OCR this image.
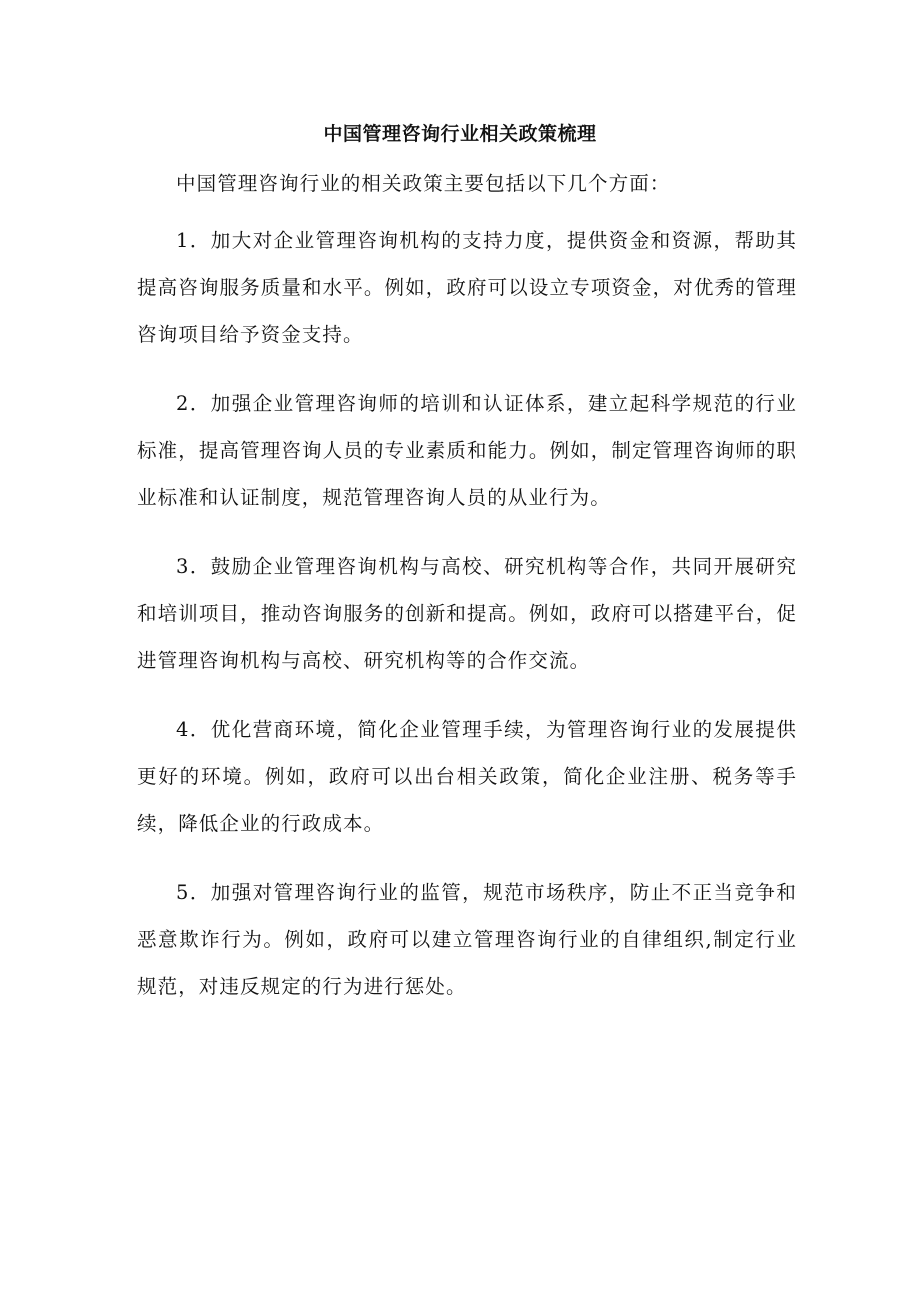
中国管理咨询行业相关政策梳理

中国管理咨询行业的相关政策主要包括以下几个方面：

1．加大对企业管理咨询机构的支持力度，提供资金和资源，帮助其提高咨询服务质量和水平。例如，政府可以设立专项资金，对优秀的管理咨询项目给予资金支持。

2．加强企业管理咨询师的培训和认证体系，建立起科学规范的行业标准，提高管理咨询人员的专业素质和能力。例如，制定管理咨询师的职业标准和认证制度，规范管理咨询人员的从业行为。

3．鼓励企业管理咨询机构与高校、研究机构等合作，共同开展研究和培训项目，推动咨询服务的创新和提高。例如，政府可以搭建平台，促进管理咨询机构与高校、研究机构等的合作交流。

4．优化营商环境，简化企业管理手续，为管理咨询行业的发展提供更好的环境。例如，政府可以出台相关政策，简化企业注册、税务等手续，降低企业的行政成本。

5．加强对管理咨询行业的监管，规范市场秩序，防止不正当竞争和恶意欺诈行为。例如，政府可以建立管理咨询行业的自律组织,制定行业规范，对违反规定的行为进行惩处。
